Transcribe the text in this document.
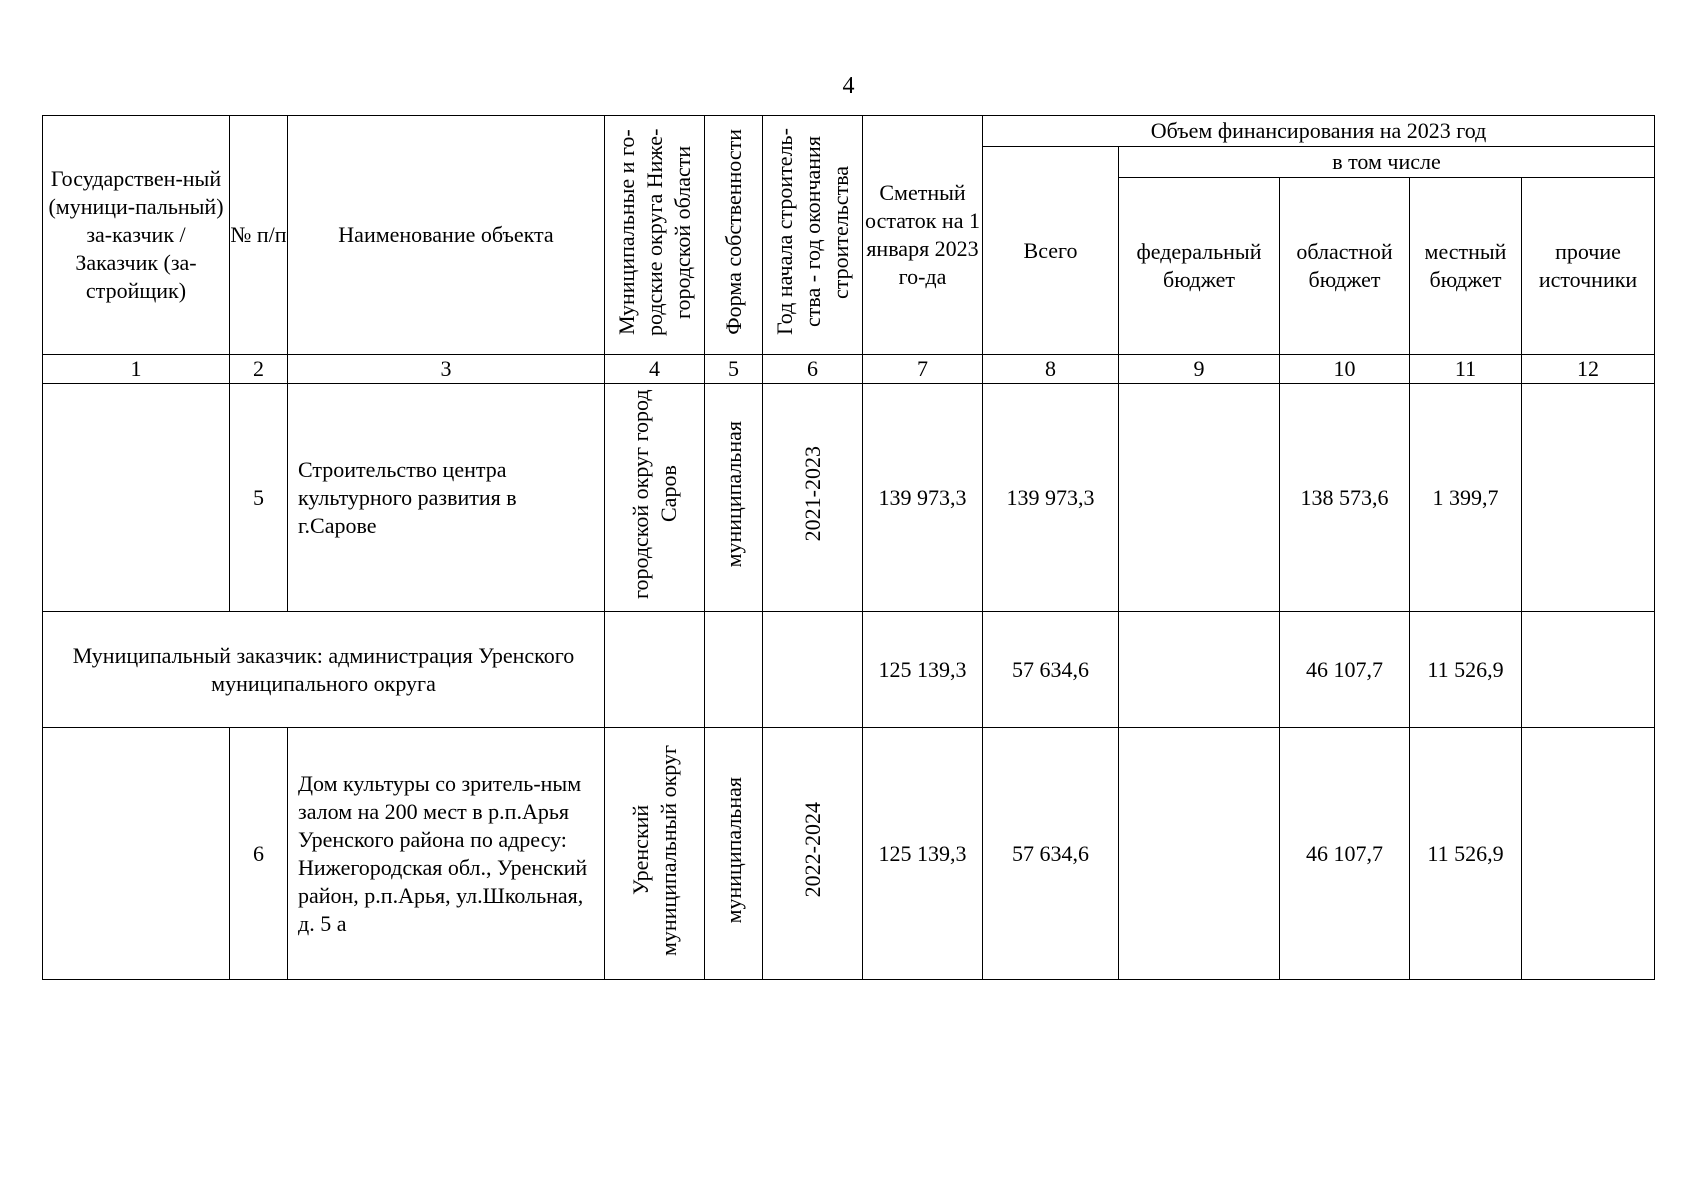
4
Государствен-ный (муници-пальный) за-казчик / Заказчик (за-стройщик)	№ п/п	Наименование объекта	Муниципальные и го-родские округа Ниже-городской области	Форма собственности	Год начала строитель-ства - год окончания строительства	Сметный остаток на 1 января 2023 го-да	Объем финансирования на 2023 год				
							Всего	в том числе			
								федеральный бюджет	областной бюджет	местный бюджет	прочие источники
1	2	3	4	5	6	7	8	9	10	11	12
	5	Строительство центра культурного развития в г.Сарове	городской округ город Саров	муниципальная	2021-2023	139 973,3	139 973,3		138 573,6	1 399,7	
Муниципальный заказчик: администрация Уренского муниципального округа						125 139,3	57 634,6		46 107,7	11 526,9	
	6	Дом культуры со зритель-ным залом на 200 мест в р.п.Арья Уренского района по адресу: Нижегородская обл., Уренский район, р.п.Арья, ул.Школьная, д. 5 а	Уренский муниципальный округ	муниципальная	2022-2024	125 139,3	57 634,6		46 107,7	11 526,9	
